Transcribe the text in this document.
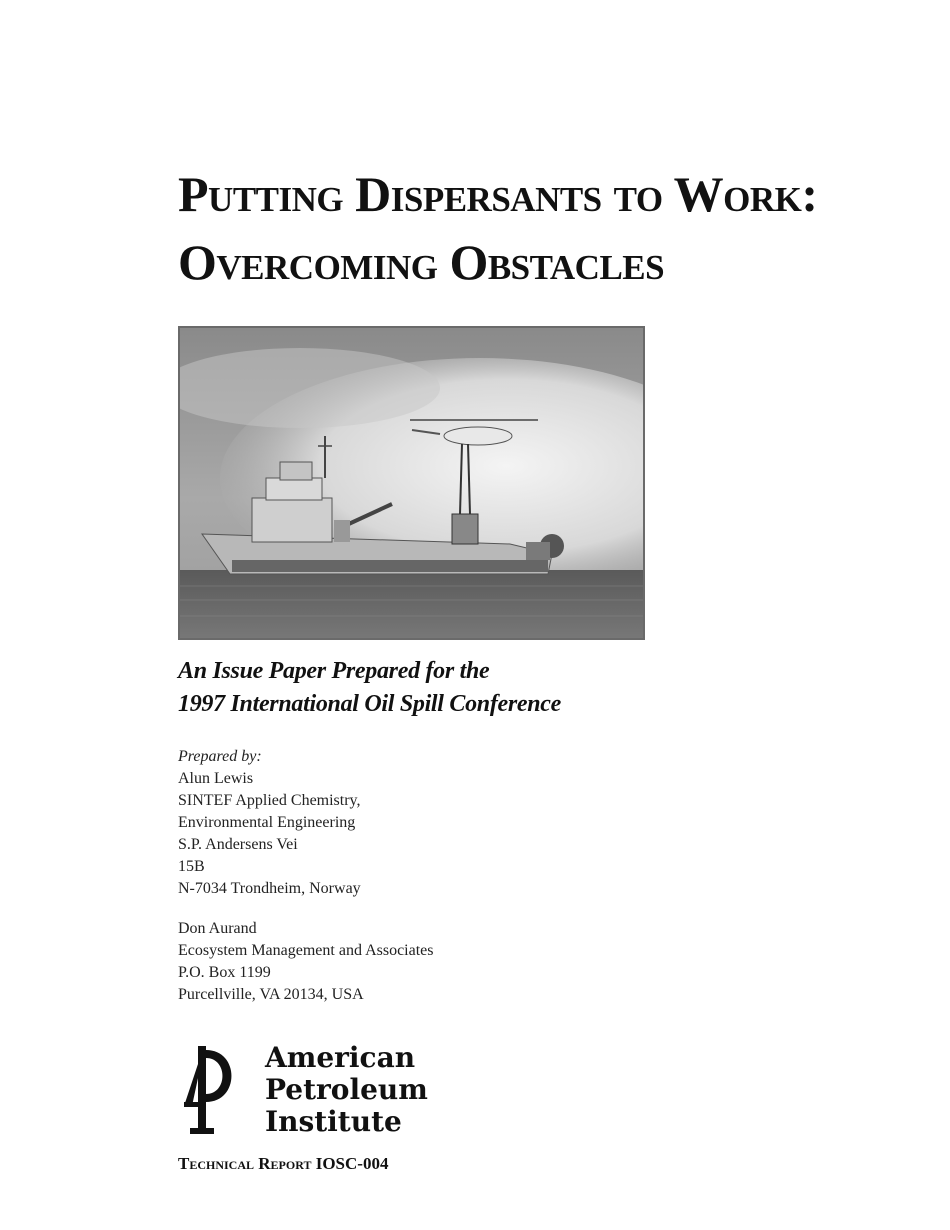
Putting Dispersants to Work:
Overcoming Obstacles
An Issue Paper Prepared for the
1997 International Oil Spill Conference
Prepared by:
Alun Lewis
SINTEF Applied Chemistry,
Environmental Engineering
S.P. Andersens Vei
15B
N-7034 Trondheim, Norway
Don Aurand
Ecosystem Management and Associates
P.O. Box 1199
Purcellville, VA 20134, USA
American
Petroleum
Institute
Technical Report IOSC-004
